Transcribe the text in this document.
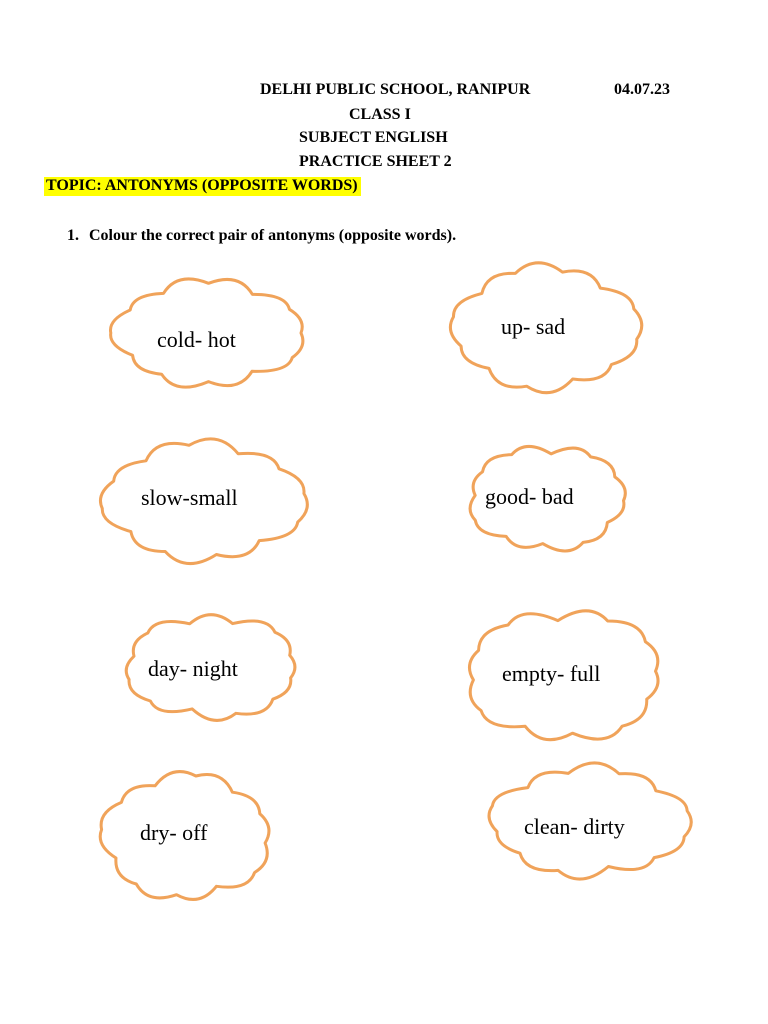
DELHI PUBLIC SCHOOL, RANIPUR	04.07.23
CLASS I
SUBJECT ENGLISH
PRACTICE SHEET 2
TOPIC: ANTONYMS (OPPOSITE WORDS)
1. Colour the correct pair of antonyms (opposite words).
cold- hot
up- sad
slow-small	good- bad
day- night	empty- full
dry- off	clean- dirty
